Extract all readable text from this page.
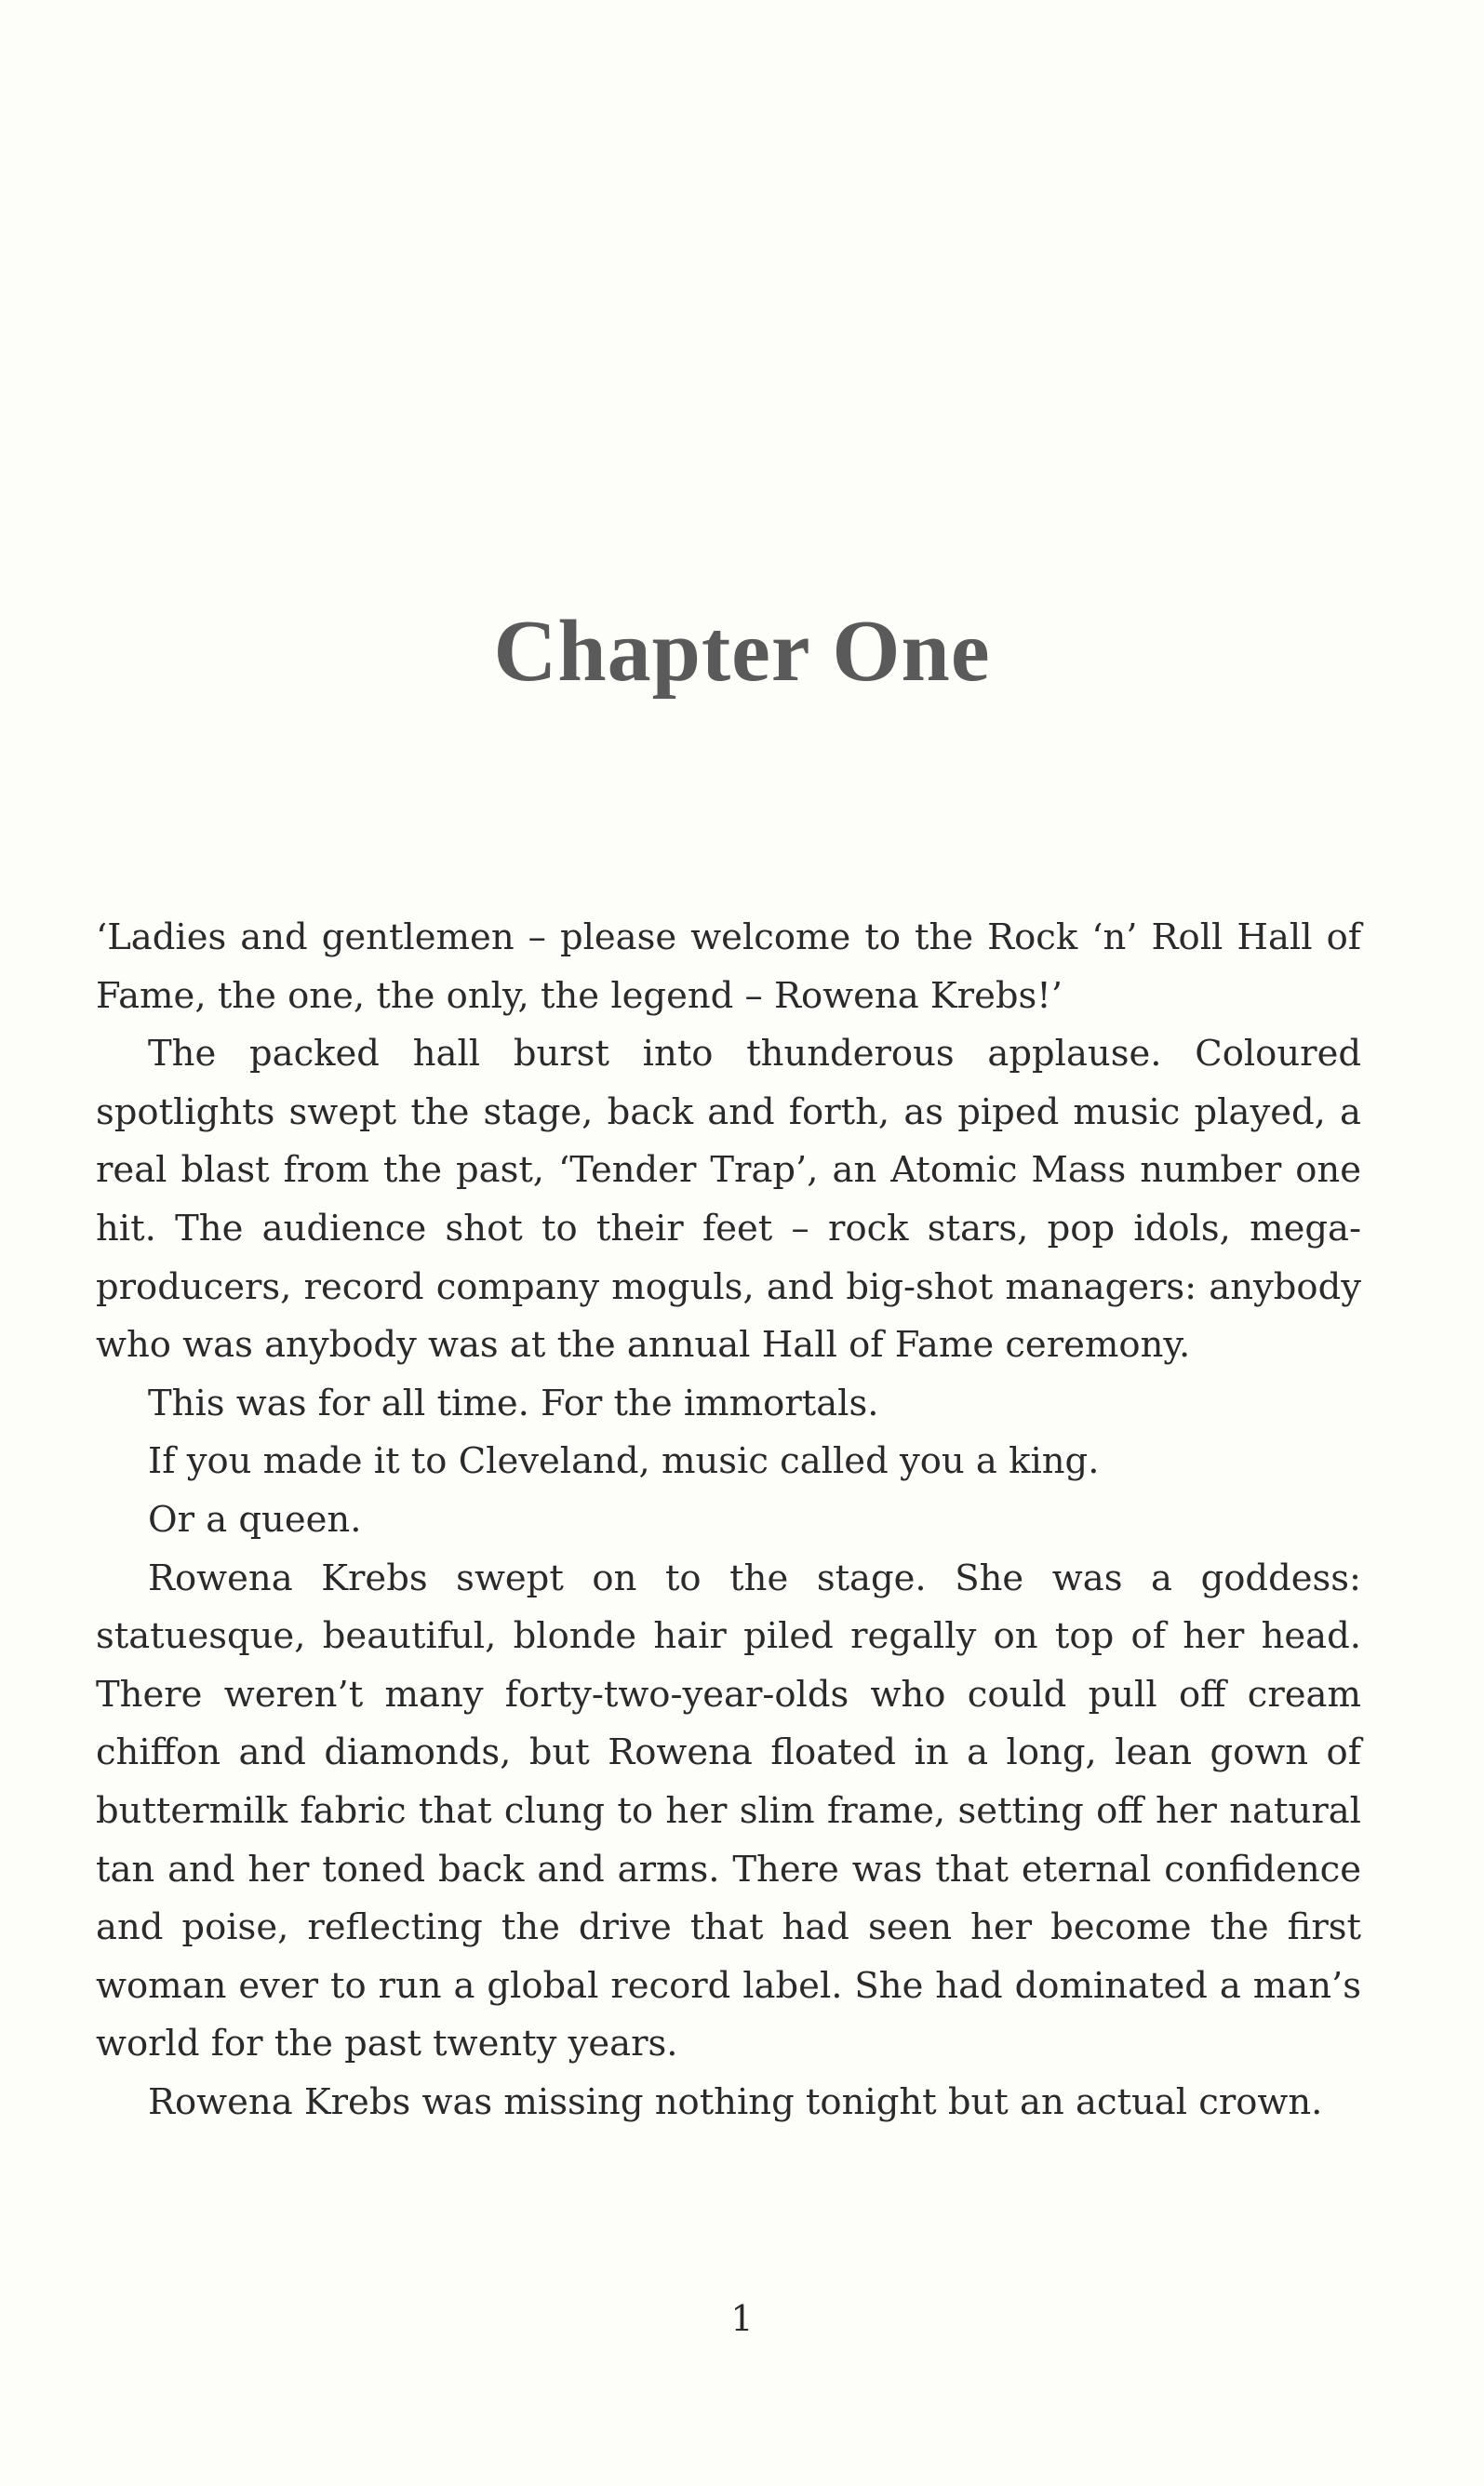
Chapter One

‘Ladies and gentlemen – please welcome to the Rock ‘n’ Roll Hall of Fame, the one, the only, the legend – Rowena Krebs!’

The packed hall burst into thunderous applause. Coloured spotlights swept the stage, back and forth, as piped music played, a real blast from the past, ‘Tender Trap’, an Atomic Mass number one hit. The audience shot to their feet – rock stars, pop idols, mega-producers, record company moguls, and big-shot managers: anybody who was anybody was at the annual Hall of Fame ceremony.

This was for all time. For the immortals.

If you made it to Cleveland, music called you a king.

Or a queen.

Rowena Krebs swept on to the stage. She was a goddess: statuesque, beautiful, blonde hair piled regally on top of her head. There weren’t many forty-two-year-olds who could pull off cream chiffon and diamonds, but Rowena floated in a long, lean gown of buttermilk fabric that clung to her slim frame, setting off her natural tan and her toned back and arms. There was that eternal confidence and poise, reflecting the drive that had seen her become the first woman ever to run a global record label. She had dominated a man’s world for the past twenty years.

Rowena Krebs was missing nothing tonight but an actual crown.

1
